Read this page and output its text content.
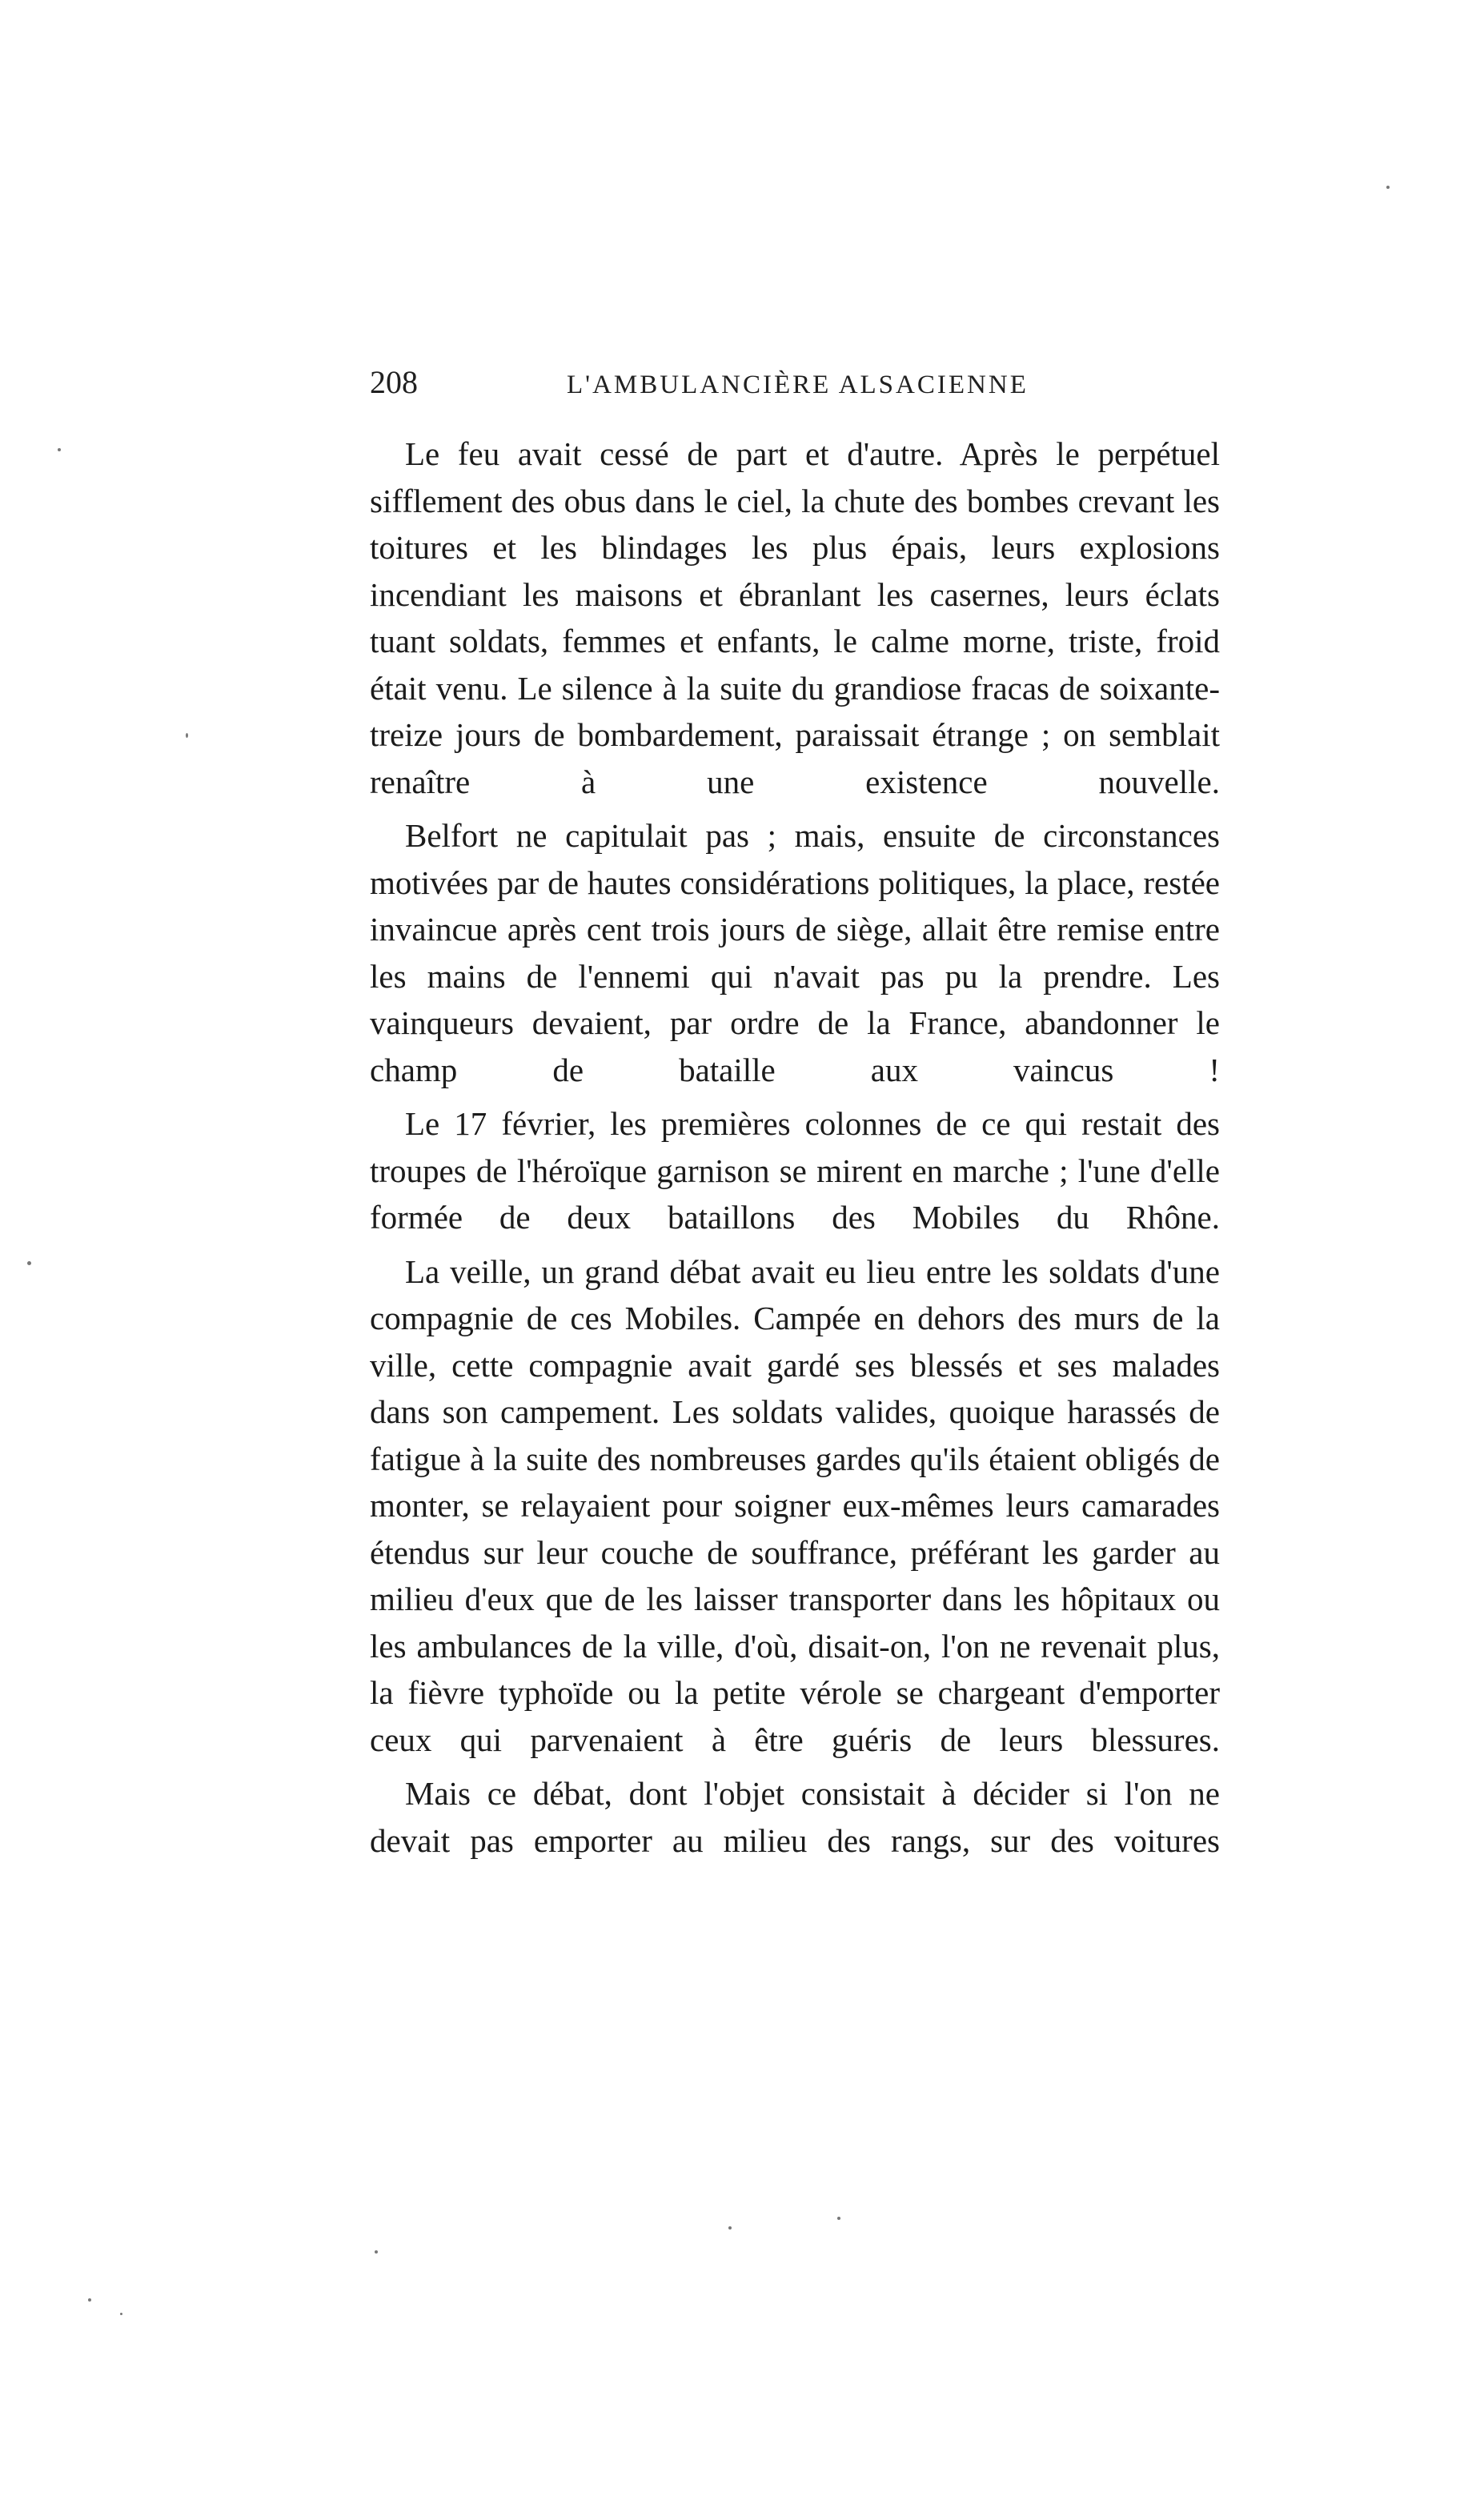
208	L'AMBULANCIÈRE ALSACIENNE

Le feu avait cessé de part et d'autre. Après le perpétuel sifflement des obus dans le ciel, la chute des bombes crevant les toitures et les blindages les plus épais, leurs explosions incendiant les maisons et ébranlant les casernes, leurs éclats tuant soldats, femmes et enfants, le calme morne, triste, froid était venu. Le silence à la suite du grandiose fracas de soixante-treize jours de bombardement, paraissait étrange ; on semblait renaître à une existence nouvelle.

Belfort ne capitulait pas ; mais, ensuite de circonstances motivées par de hautes considérations politiques, la place, restée invaincue après cent trois jours de siège, allait être remise entre les mains de l'ennemi qui n'avait pas pu la prendre. Les vainqueurs devaient, par ordre de la France, abandonner le champ de bataille aux vaincus !

Le 17 février, les premières colonnes de ce qui restait des troupes de l'héroïque garnison se mirent en marche ; l'une d'elle formée de deux bataillons des Mobiles du Rhône.

La veille, un grand débat avait eu lieu entre les soldats d'une compagnie de ces Mobiles. Campée en dehors des murs de la ville, cette compagnie avait gardé ses blessés et ses malades dans son campement. Les soldats valides, quoique harassés de fatigue à la suite des nombreuses gardes qu'ils étaient obligés de monter, se relayaient pour soigner eux-mêmes leurs camarades étendus sur leur couche de souffrance, préférant les garder au milieu d'eux que de les laisser transporter dans les hôpitaux ou les ambulances de la ville, d'où, disait-on, l'on ne revenait plus, la fièvre typhoïde ou la petite vérole se chargeant d'emporter ceux qui parvenaient à être guéris de leurs blessures.

Mais ce débat, dont l'objet consistait à décider si l'on ne devait pas emporter au milieu des rangs, sur des voitures
